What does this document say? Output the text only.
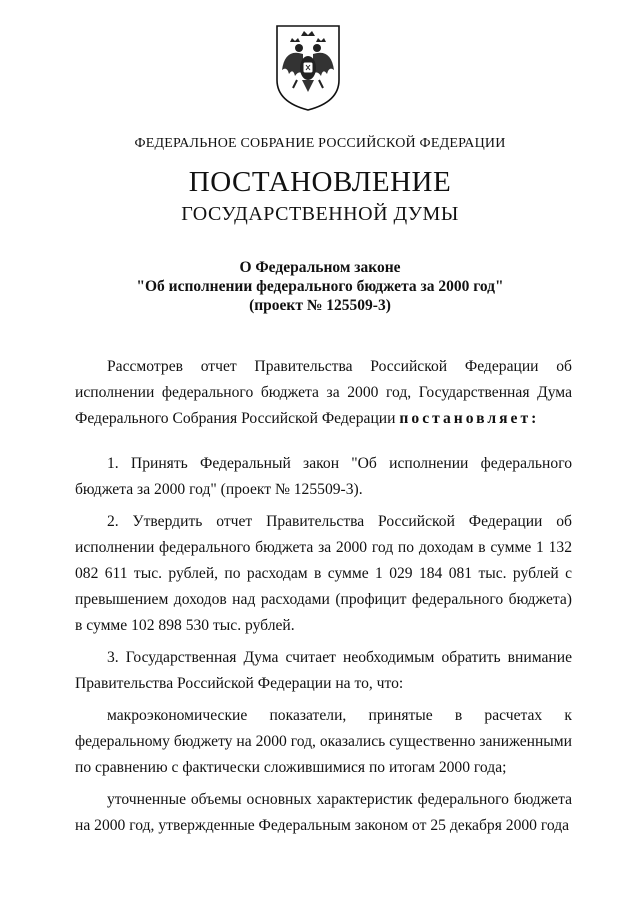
ФЕДЕРАЛЬНОЕ СОБРАНИЕ РОССИЙСКОЙ ФЕДЕРАЦИИ
ПОСТАНОВЛЕНИЕ
ГОСУДАРСТВЕННОЙ ДУМЫ
О Федеральном законе
"Об исполнении федерального бюджета за 2000 год"
(проект № 125509-3)

Рассмотрев отчет Правительства Российской Федерации об исполнении федерального бюджета за 2000 год, Государственная Дума Федерального Собрания Российской Федерации постановляет:

1. Принять Федеральный закон "Об исполнении федерального бюджета за 2000 год" (проект № 125509-3).

2. Утвердить отчет Правительства Российской Федерации об исполнении федерального бюджета за 2000 год по доходам в сумме 1 132 082 611 тыс. рублей, по расходам в сумме 1 029 184 081 тыс. рублей с превышением доходов над расходами (профицит федерального бюджета) в сумме 102 898 530 тыс. рублей.

3. Государственная Дума считает необходимым обратить внимание Правительства Российской Федерации на то, что:

макроэкономические показатели, принятые в расчетах к федеральному бюджету на 2000 год, оказались существенно заниженными по сравнению с фактически сложившимися по итогам 2000 года;

уточненные объемы основных характеристик федерального бюджета на 2000 год, утвержденные Федеральным законом от 25 декабря 2000 года
